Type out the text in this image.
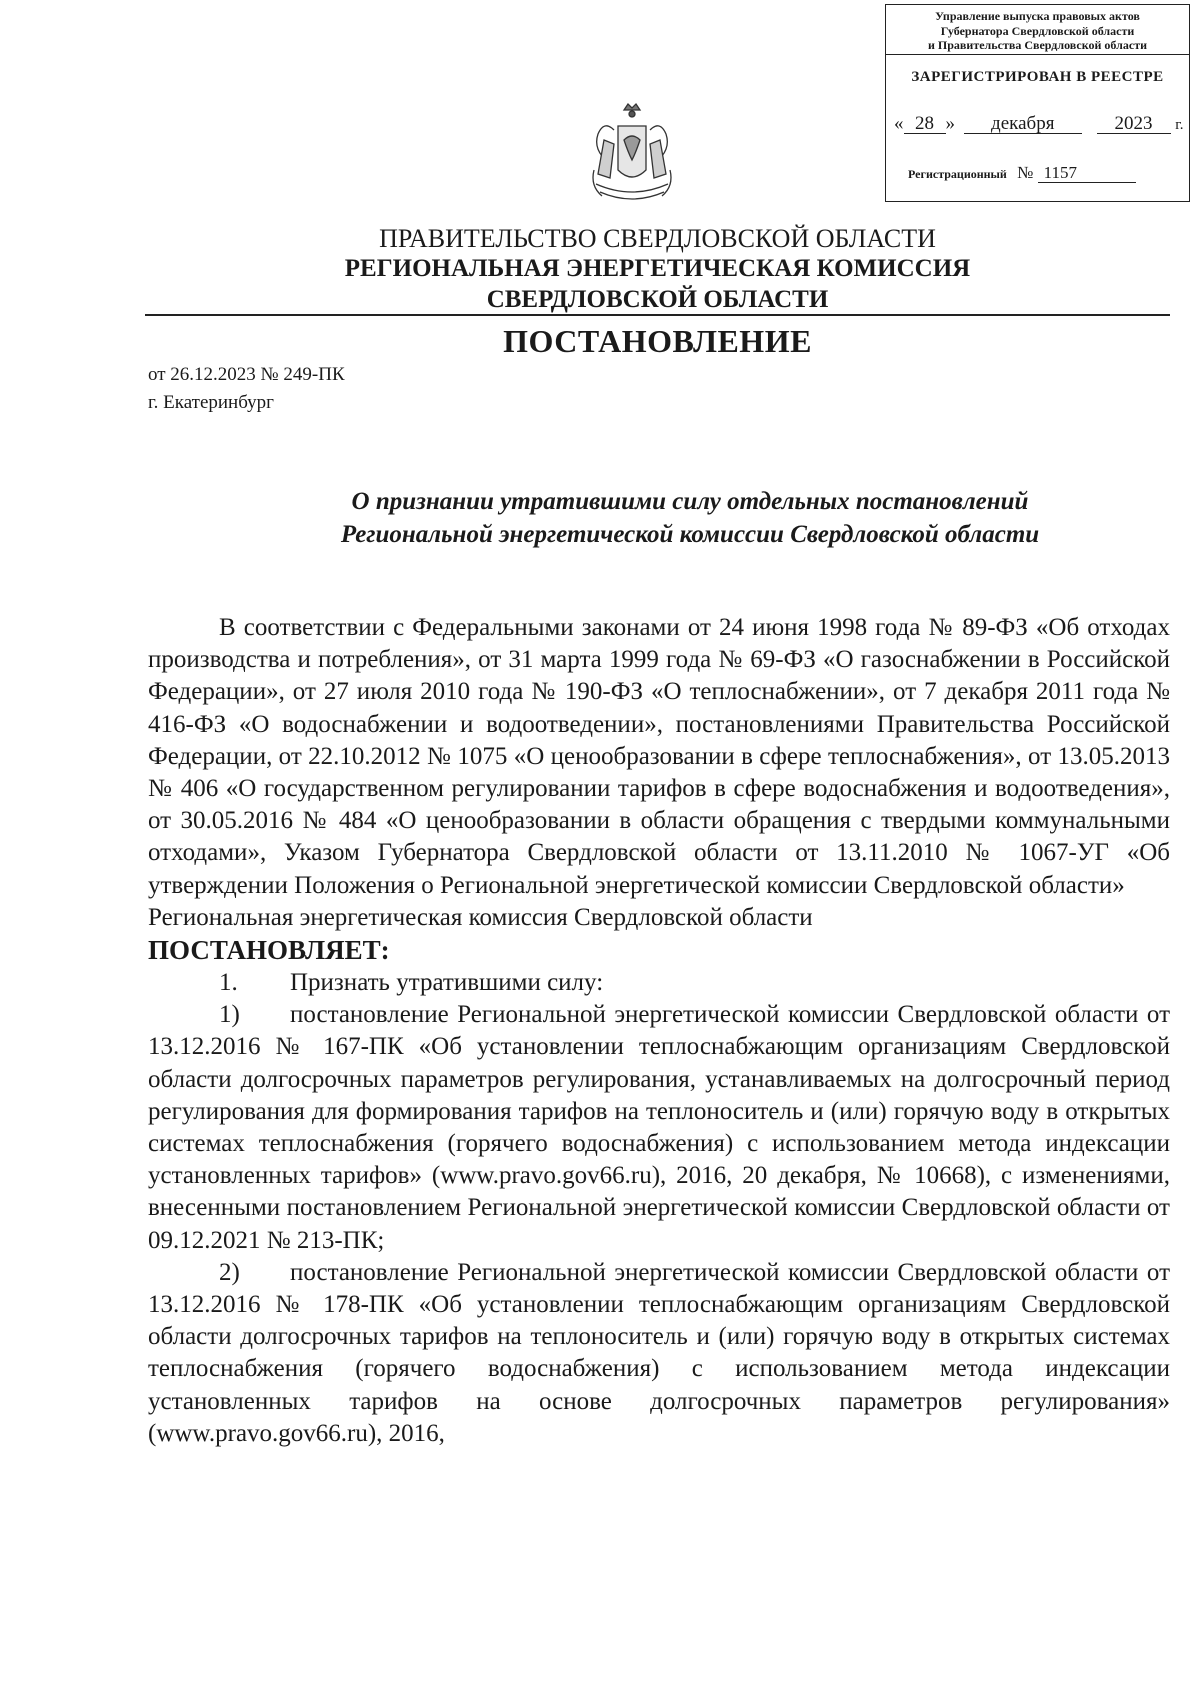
Управление выпуска правовых актов
Губернатора Свердловской области
и Правительства Свердловской области
ЗАРЕГИСТРИРОВАН В РЕЕСТРЕ
« 28 » декабря	2023 г.
Регистрационный № 1157
ПРАВИТЕЛЬСТВО СВЕРДЛОВСКОЙ ОБЛАСТИ
РЕГИОНАЛЬНАЯ ЭНЕРГЕТИЧЕСКАЯ КОМИССИЯ
СВЕРДЛОВСКОЙ ОБЛАСТИ
ПОСТАНОВЛЕНИЕ
от 26.12.2023 № 249-ПК
г. Екатеринбург
О признании утратившими силу отдельных постановлений
Региональной энергетической комиссии Свердловской области

В соответствии с Федеральными законами от 24 июня 1998 года № 89-ФЗ «Об отходах производства и потребления», от 31 марта 1999 года № 69-ФЗ «О газоснабжении в Российской Федерации», от 27 июля 2010 года № 190-ФЗ «О теплоснабжении», от 7 декабря 2011 года № 416-ФЗ «О водоснабжении и водоотведении», постановлениями Правительства Российской Федерации, от 22.10.2012 № 1075 «О ценообразовании в сфере теплоснабжения», от 13.05.2013 № 406 «О государственном регулировании тарифов в сфере водоснабжения и водоотведения», от 30.05.2016 № 484 «О ценообразовании в области обращения с твердыми коммунальными отходами», Указом Губернатора Свердловской области от 13.11.2010 № 1067-УГ «Об утверждении Положения о Региональной энергетической комиссии Свердловской области»

Региональная энергетическая комиссия Свердловской области

ПОСТАНОВЛЯЕТ:

1. Признать утратившими силу:

1) постановление Региональной энергетической комиссии Свердловской области от 13.12.2016 № 167-ПК «Об установлении теплоснабжающим организациям Свердловской области долгосрочных параметров регулирования, устанавливаемых на долгосрочный период регулирования для формирования тарифов на теплоноситель и (или) горячую воду в открытых системах теплоснабжения (горячего водоснабжения) с использованием метода индексации установленных тарифов» (www.pravo.gov66.ru), 2016, 20 декабря, № 10668), с изменениями, внесенными постановлением Региональной энергетической комиссии Свердловской области от 09.12.2021 № 213-ПК;

2) постановление Региональной энергетической комиссии Свердловской области от 13.12.2016 № 178-ПК «Об установлении теплоснабжающим организациям Свердловской области долгосрочных тарифов на теплоноситель и (или) горячую воду в открытых системах теплоснабжения (горячего водоснабжения) с использованием метода индексации установленных тарифов на основе долгосрочных параметров регулирования» (www.pravo.gov66.ru), 2016,
